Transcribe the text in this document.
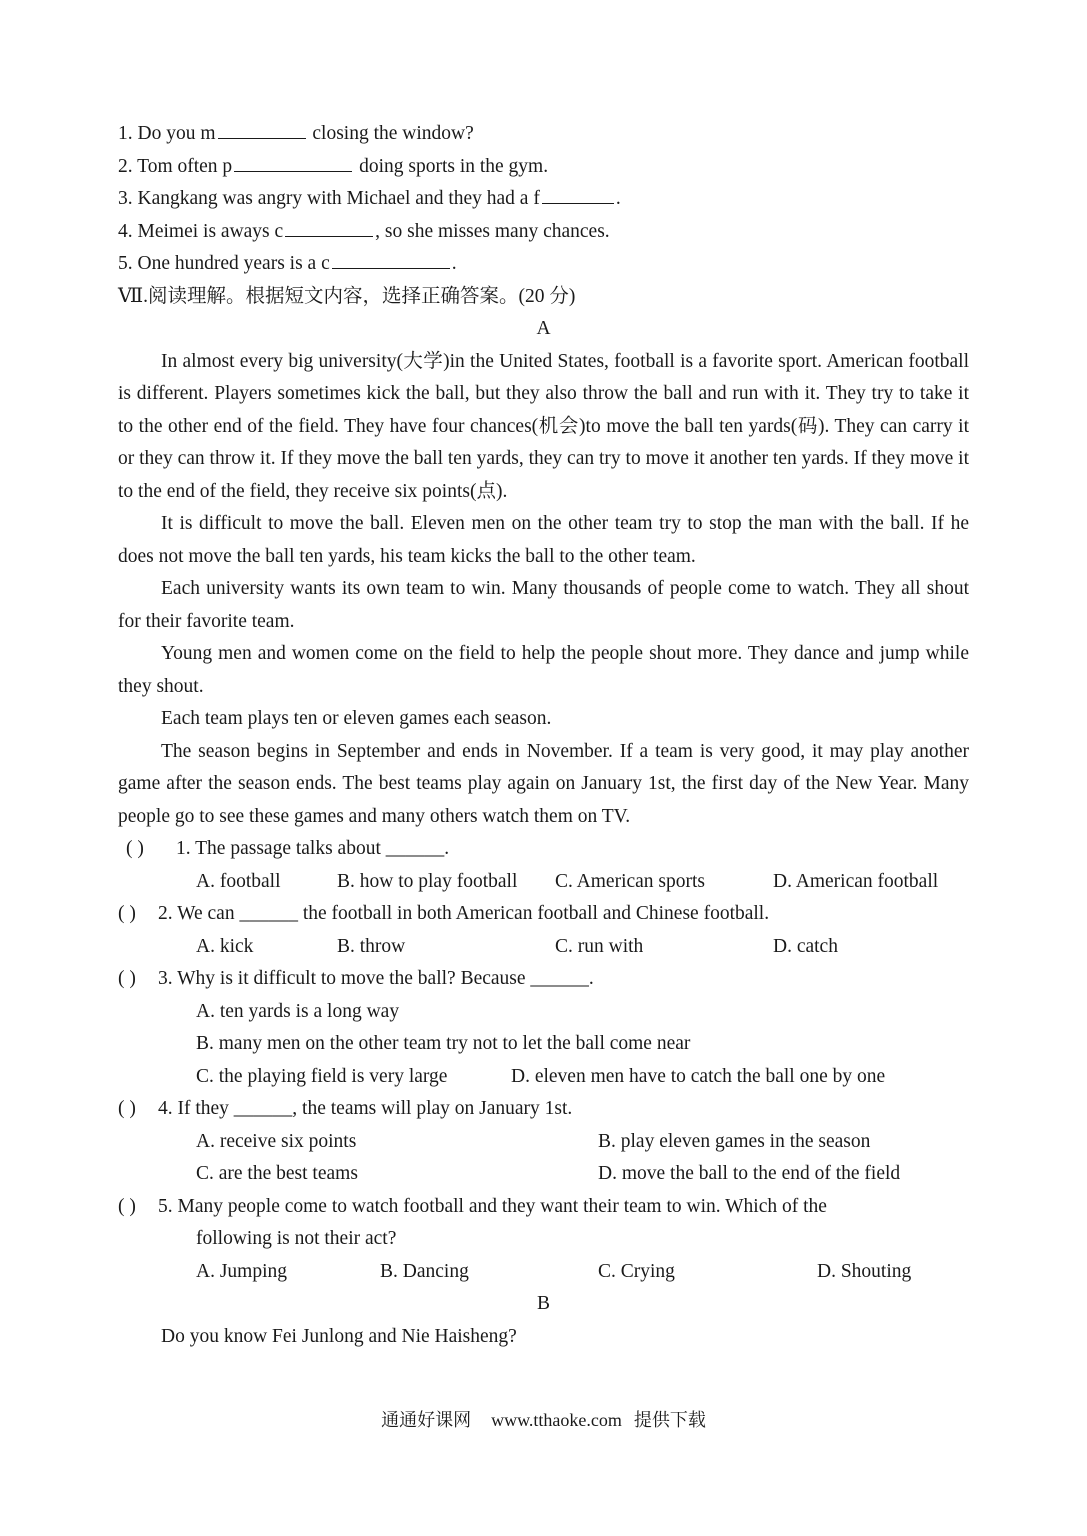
1. Do you m	closing the window?
2. Tom often p	doing sports in the gym.
3. Kangkang was angry with Michael and they had a f	.
4. Meimei is aways c	, so she misses many chances.
5. One hundred years is a c	.
Ⅶ.阅读理解。根据短文内容，选择正确答案。(20 分)
A

In almost every big university(大学)in the United States, football is a favorite sport. American football is different. Players sometimes kick the ball, but they also throw the ball and run with it. They try to take it to the other end of the field. They have four chances(机会)to move the ball ten yards(码). They can carry it or they can throw it. If they move the ball ten yards, they can try to move it another ten yards. If they move it to the end of the field, they receive six points(点).

It is difficult to move the ball. Eleven men on the other team try to stop the man with the ball. If he does not move the ball ten yards, his team kicks the ball to the other team.

Each university wants its own team to win. Many thousands of people come to watch. They all shout for their favorite team.

Young men and women come on the field to help the people shout more. They dance and jump while they shout.

Each team plays ten or eleven games each season.

The season begins in September and ends in November. If a team is very good, it may play another game after the season ends. The best teams play again on January 1st, the first day of the New Year. Many people go to see these games and many others watch them on TV.

( ) 1. The passage talks about ______.
A. football	B. how to play football C. American sports	D. American football
( ) 2. We can ______ the football in both American football and Chinese football.
A. kick	B. throw	C. run with	D. catch
( ) 3. Why is it difficult to move the ball? Because ______.
A. ten yards is a long way
B. many men on the other team try not to let the ball come near
C. the playing field is very large	D. eleven men have to catch the ball one by one
( ) 4. If they ______, the teams will play on January 1st.
A. receive six points	B. play eleven games in the season
C. are the best teams	D. move the ball to the end of the field
( ) 5. Many people come to watch football and they want their team to win. Which of the
following is not their act?
A. Jumping	B. Dancing	C. Crying	D. Shouting
B

Do you know Fei Junlong and Nie Haisheng?

通通好课网 www.tthaoke.com 提供下载
